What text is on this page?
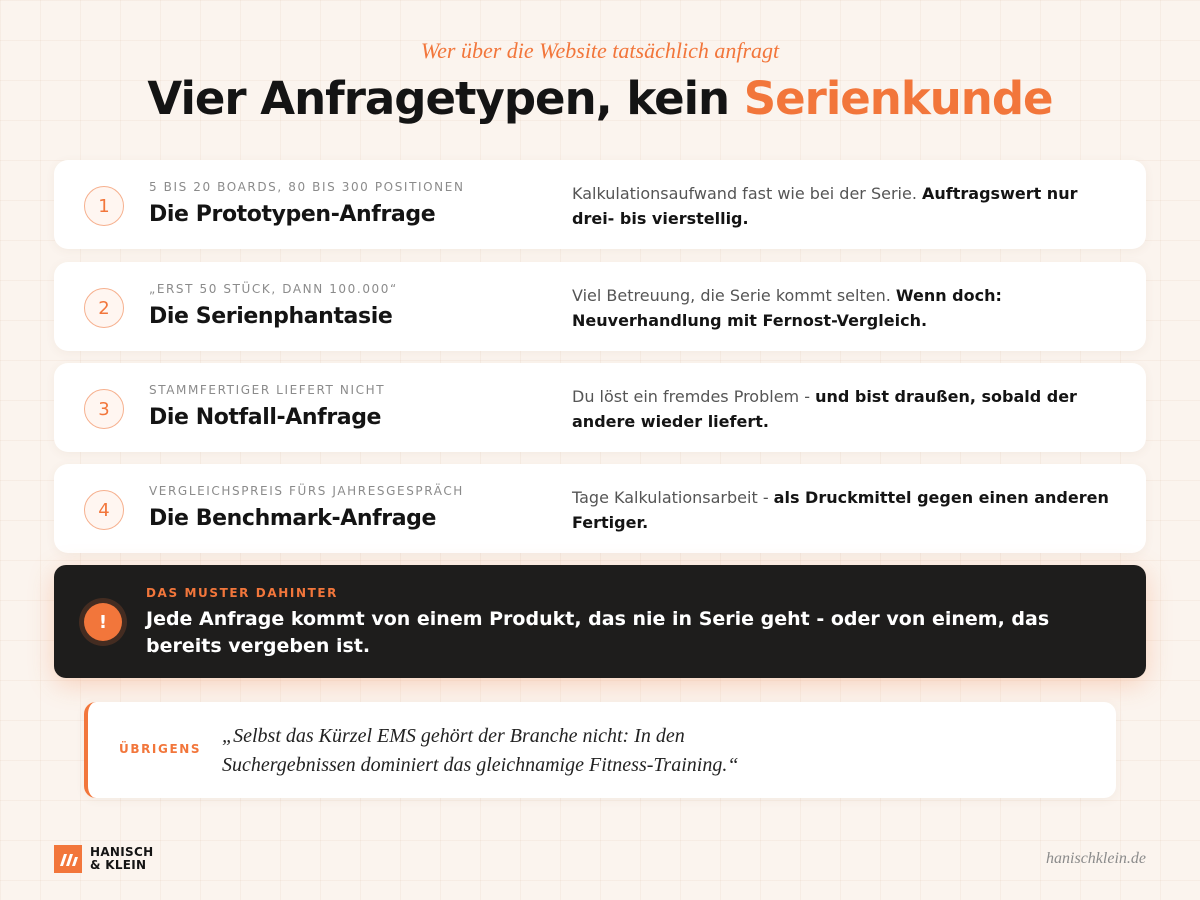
Wer über die Website tatsächlich anfragt
Vier Anfragetypen, kein Serienkunde
1
5 BIS 20 BOARDS, 80 BIS 300 POSITIONEN
Die Prototypen-Anfrage
Kalkulationsaufwand fast wie bei der Serie. Auftragswert nur drei- bis vierstellig.
2
„ERST 50 STÜCK, DANN 100.000“
Die Serienphantasie
Viel Betreuung, die Serie kommt selten. Wenn doch: Neuverhandlung mit Fernost-Vergleich.
3
STAMMFERTIGER LIEFERT NICHT
Die Notfall-Anfrage
Du löst ein fremdes Problem - und bist draußen, sobald der andere wieder liefert.
4
VERGLEICHSPREIS FÜRS JAHRESGESPRÄCH
Die Benchmark-Anfrage
Tage Kalkulationsarbeit - als Druckmittel gegen einen anderen Fertiger.
!
DAS MUSTER DAHINTER
Jede Anfrage kommt von einem Produkt, das nie in Serie geht - oder von einem, das bereits vergeben ist.
ÜBRIGENS
„Selbst das Kürzel EMS gehört der Branche nicht: In den Suchergebnissen dominiert das gleichnamige Fitness-Training.“
HANISCH
& KLEIN	hanischklein.de
